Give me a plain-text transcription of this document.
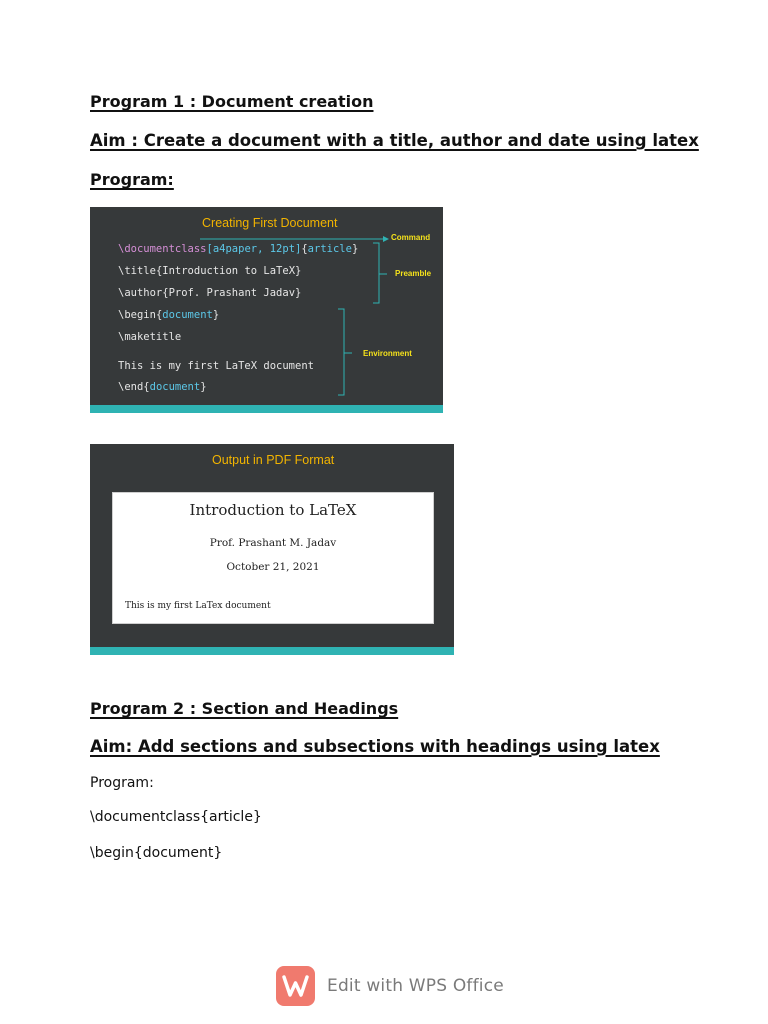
Program 1 : Document creation
Aim : Create a document with a title, author and date using latex
Program:
Creating First Document
\documentclass[a4paper, 12pt]{article}
\title{Introduction to LaTeX}
\author{Prof. Prashant Jadav}
\begin{document}
\maketitle
This is my first LaTeX document
\end{document}
Command
Preamble
Environment
Output in PDF Format
Introduction to LaTeX
Prof. Prashant M. Jadav
October 21, 2021
This is my first LaTex document
Program 2 : Section and Headings
Aim: Add sections and subsections with headings using latex
Program:
\documentclass{article}
\begin{document}
Edit with WPS Office
